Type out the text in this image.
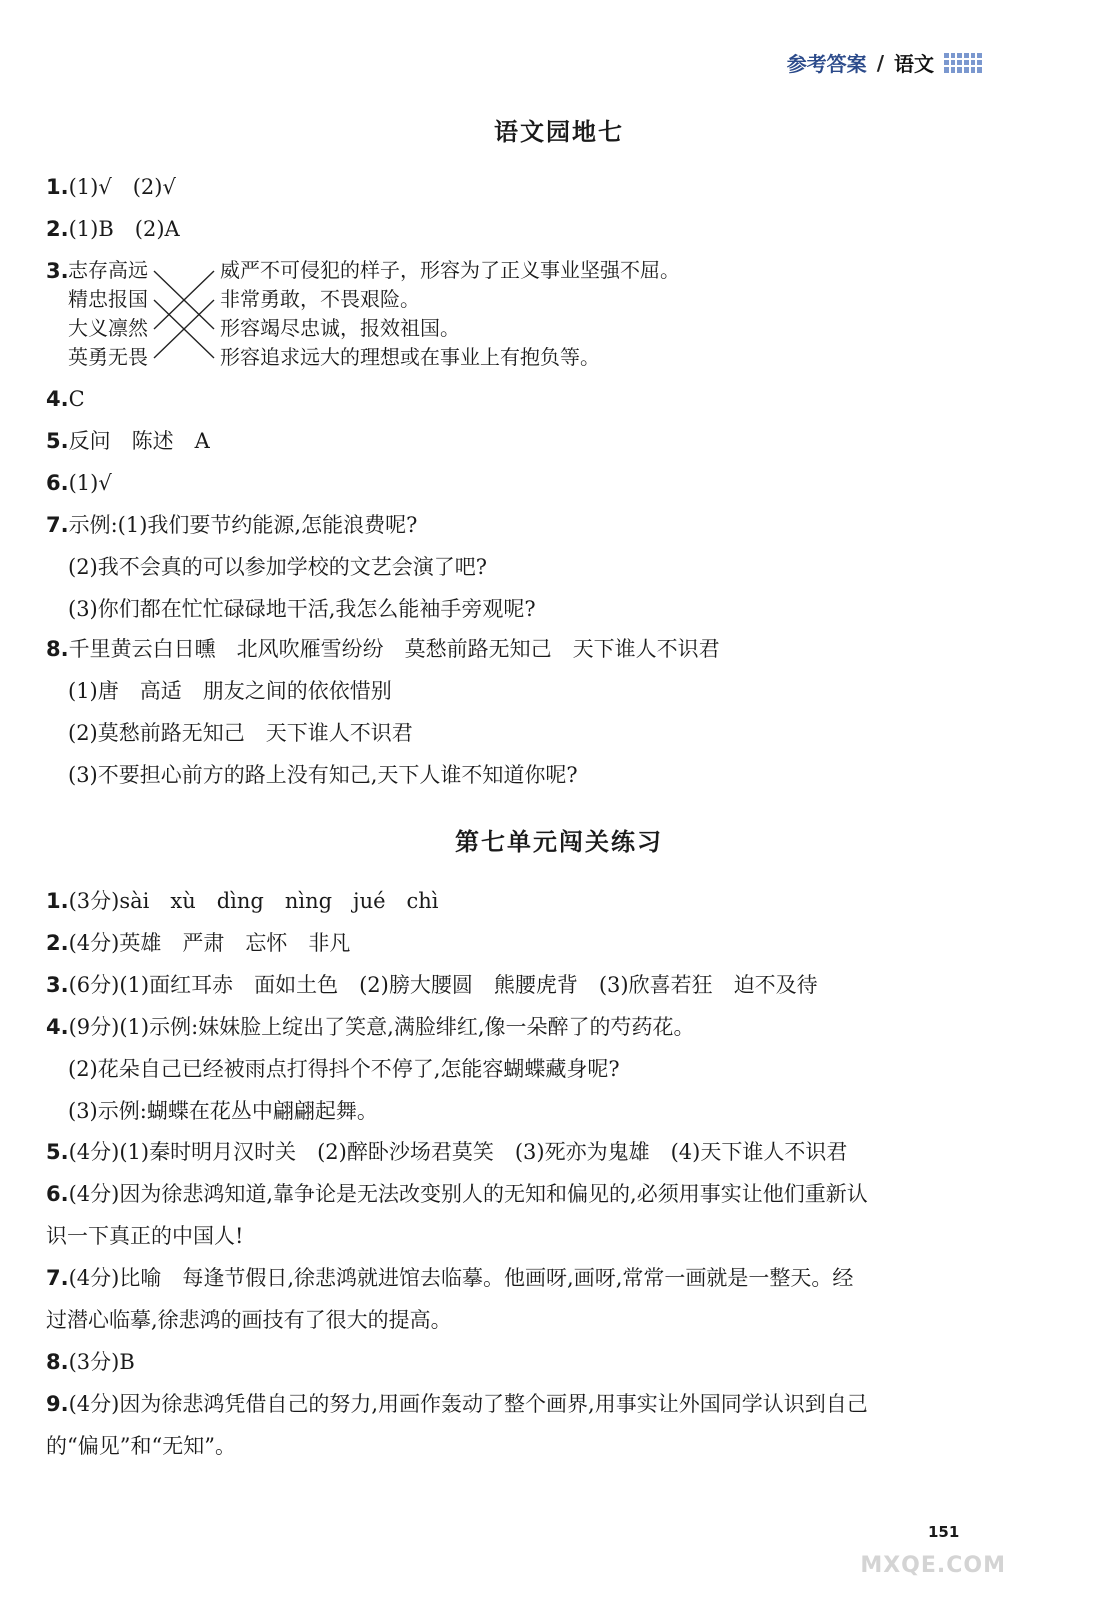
参考答案 / 语文
语文园地七
1.(1)√　(2)√
2.(1)B　(2)A
3. 志存高远
精忠报国
大义凛然
英勇无畏
威严不可侵犯的样子，形容为了正义事业坚强不屈。
非常勇敢，不畏艰险。
形容竭尽忠诚，报效祖国。
形容追求远大的理想或在事业上有抱负等。
4.C
5.反问　陈述　A
6.(1)√
7.示例:(1)我们要节约能源,怎能浪费呢?
(2)我不会真的可以参加学校的文艺会演了吧?
(3)你们都在忙忙碌碌地干活,我怎么能袖手旁观呢?
8.千里黄云白日曛　北风吹雁雪纷纷　莫愁前路无知己　天下谁人不识君
(1)唐　高适　朋友之间的依依惜别
(2)莫愁前路无知己　天下谁人不识君
(3)不要担心前方的路上没有知己,天下人谁不知道你呢?
第七单元闯关练习
1.(3分)sài　xù　dìng　nìng　jué　chì
2.(4分)英雄　严肃　忘怀　非凡
3.(6分)(1)面红耳赤　面如土色　(2)膀大腰圆　熊腰虎背　(3)欣喜若狂　迫不及待
4.(9分)(1)示例:妹妹脸上绽出了笑意,满脸绯红,像一朵醉了的芍药花。
(2)花朵自己已经被雨点打得抖个不停了,怎能容蝴蝶藏身呢?
(3)示例:蝴蝶在花丛中翩翩起舞。
5.(4分)(1)秦时明月汉时关　(2)醉卧沙场君莫笑　(3)死亦为鬼雄　(4)天下谁人不识君
6.(4分)因为徐悲鸿知道,靠争论是无法改变别人的无知和偏见的,必须用事实让他们重新认
识一下真正的中国人!
7.(4分)比喻　每逢节假日,徐悲鸿就进馆去临摹。他画呀,画呀,常常一画就是一整天。经
过潜心临摹,徐悲鸿的画技有了很大的提高。
8.(3分)B
9.(4分)因为徐悲鸿凭借自己的努力,用画作轰动了整个画界,用事实让外国同学认识到自己
的“偏见”和“无知”。
151
MXQE.COM
